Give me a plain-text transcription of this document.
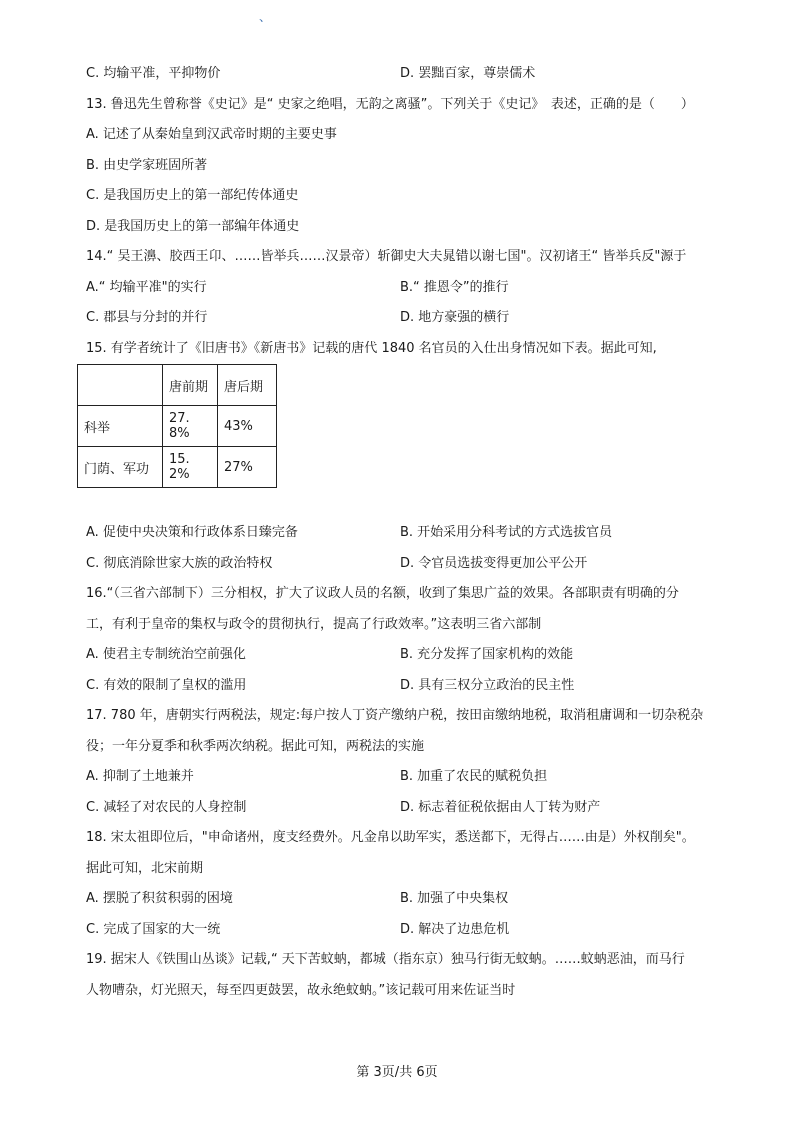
、
C. 均输平准，平抑物价	D. 罢黜百家，尊崇儒术
13. 鲁迅先生曾称誉《史记》是“ 史家之绝唱，无韵之离骚”。下列关于《史记》　表述，正确的是（　　）
A. 记述了从秦始皇到汉武帝时期的主要史事
B. 由史学家班固所著
C. 是我国历史上的第一部纪传体通史
D. 是我国历史上的第一部编年体通史
14.“ 吴王濞、胶西王卬、……皆举兵……汉景帝）斩御史大夫晁错以谢七国"。汉初诸王“ 皆举兵反"源于
A.“ 均输平准"的实行	B.“ 推恩令”的推行
C. 郡县与分封的并行	D. 地方豪强的横行
15. 有学者统计了《旧唐书》《新唐书》记载的唐代 1840 名官员的入仕出身情况如下表。据此可知,
	唐前期	唐后期
科举	27. 8%	43%
门荫、军功	15. 2%	27%
A. 促使中央决策和行政体系日臻完备	B. 开始采用分科考试的方式选拔官员
C. 彻底消除世家大族的政治特权	D. 令官员选拔变得更加公平公开
16.“（三省六部制下）三分相权，扩大了议政人员的名额，收到了集思广益的效果。各部职责有明确的分
工，有利于皇帝的集权与政令的贯彻执行，提高了行政效率。”这表明三省六部制
A. 使君主专制统治空前强化	B. 充分发挥了国家机构的效能
C. 有效的限制了皇权的滥用	D. 具有三权分立政治的民主性
17. 780 年，唐朝实行两税法，规定:每户按人丁资产缴纳户税，按田亩缴纳地税，取消租庸调和一切杂税杂
役；一年分夏季和秋季两次纳税。据此可知，两税法的实施
A. 抑制了土地兼并	B. 加重了农民的赋税负担
C. 减轻了对农民的人身控制	D. 标志着征税依据由人丁转为财产
18. 宋太祖即位后，"申命诸州，度支经费外。凡金帛以助军实，悉送都下，无得占……由是）外权削矣"。
据此可知，北宋前期
A. 摆脱了积贫积弱的困境	B. 加强了中央集权
C. 完成了国家的大一统	D. 解决了边患危机
19. 据宋人《铁围山丛谈》记载,“ 天下苦蚊蚋，都城（指东京）独马行街无蚊蚋。……蚊蚋恶油，而马行
人物嘈杂，灯光照天，每至四更鼓罢，故永绝蚊蚋。”该记载可用来佐证当时
第 3页/共 6页
